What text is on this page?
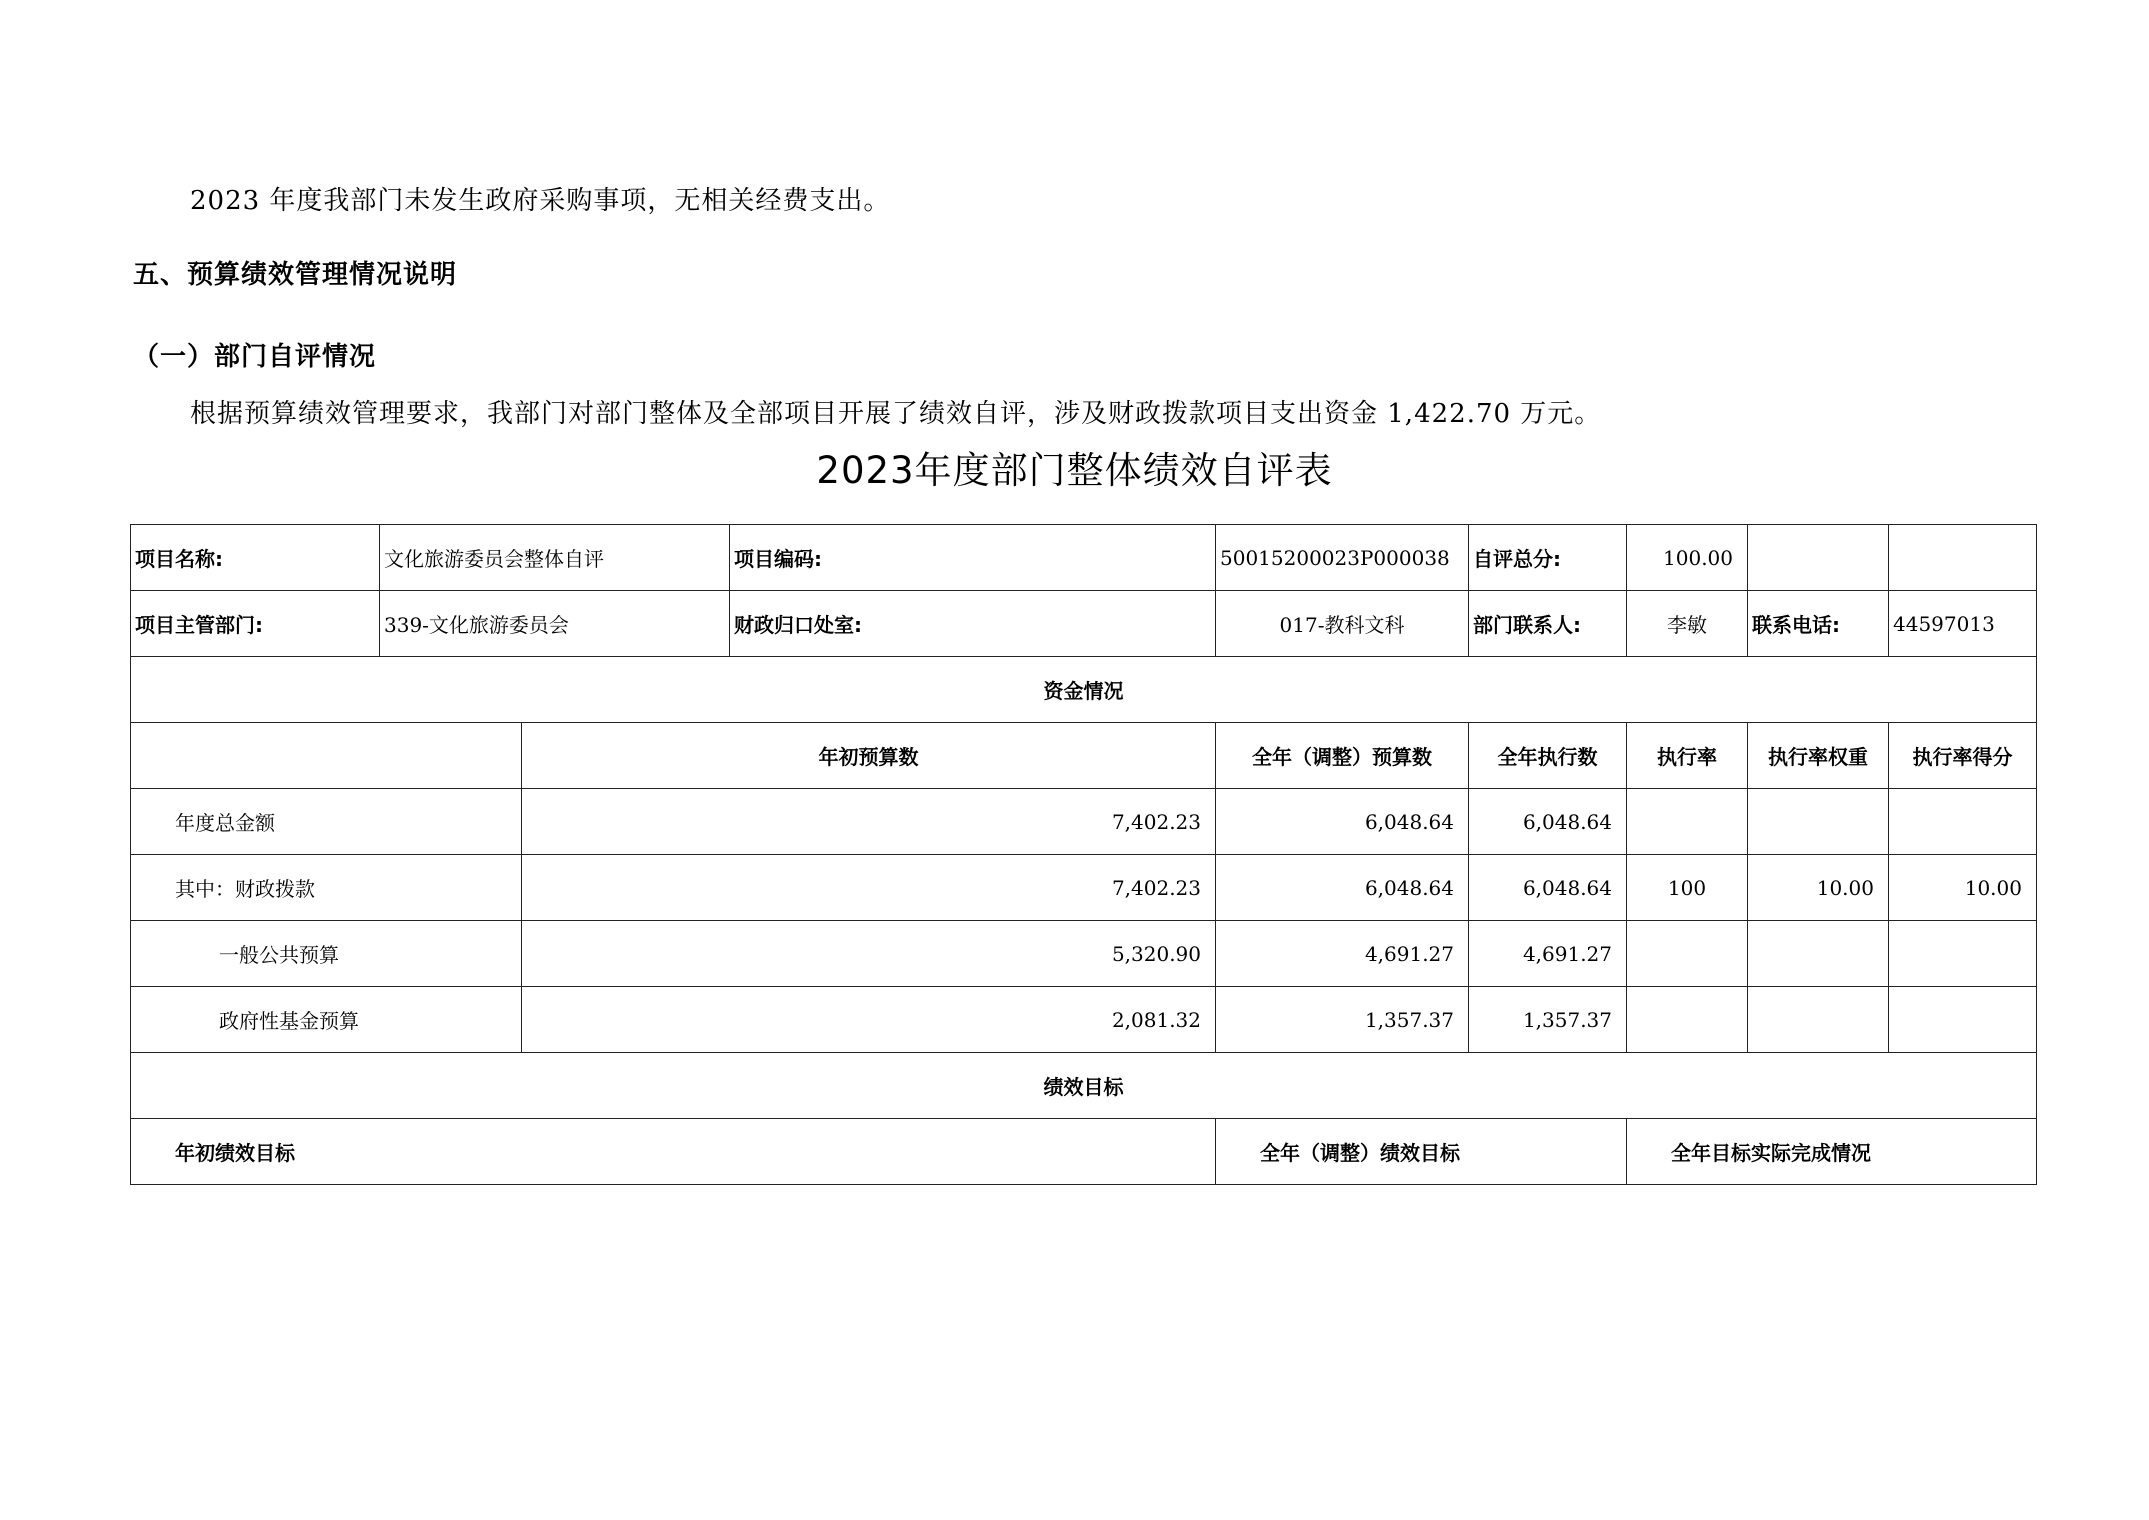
2023 年度我部门未发生政府采购事项，无相关经费支出。
五、预算绩效管理情况说明
（一）部门自评情况
根据预算绩效管理要求，我部门对部门整体及全部项目开展了绩效自评，涉及财政拨款项目支出资金 1,422.70 万元。
2023年度部门整体绩效自评表
项目名称:	文化旅游委员会整体自评		项目编码:	50015200023P000038	自评总分:	100.00		
项目主管部门:	339-文化旅游委员会		财政归口处室:	017-教科文科	部门联系人:	李敏	联系电话:	44597013
资金情况								
		年初预算数		全年（调整）预算数	全年执行数	执行率	执行率权重	执行率得分
年度总金额		7,402.23		6,048.64	6,048.64			
其中：财政拨款		7,402.23		6,048.64	6,048.64	100	10.00	10.00
一般公共预算		5,320.90		4,691.27	4,691.27			
政府性基金预算		2,081.32		1,357.37	1,357.37			
绩效目标								
年初绩效目标				全年（调整）绩效目标		全年目标实际完成情况		
